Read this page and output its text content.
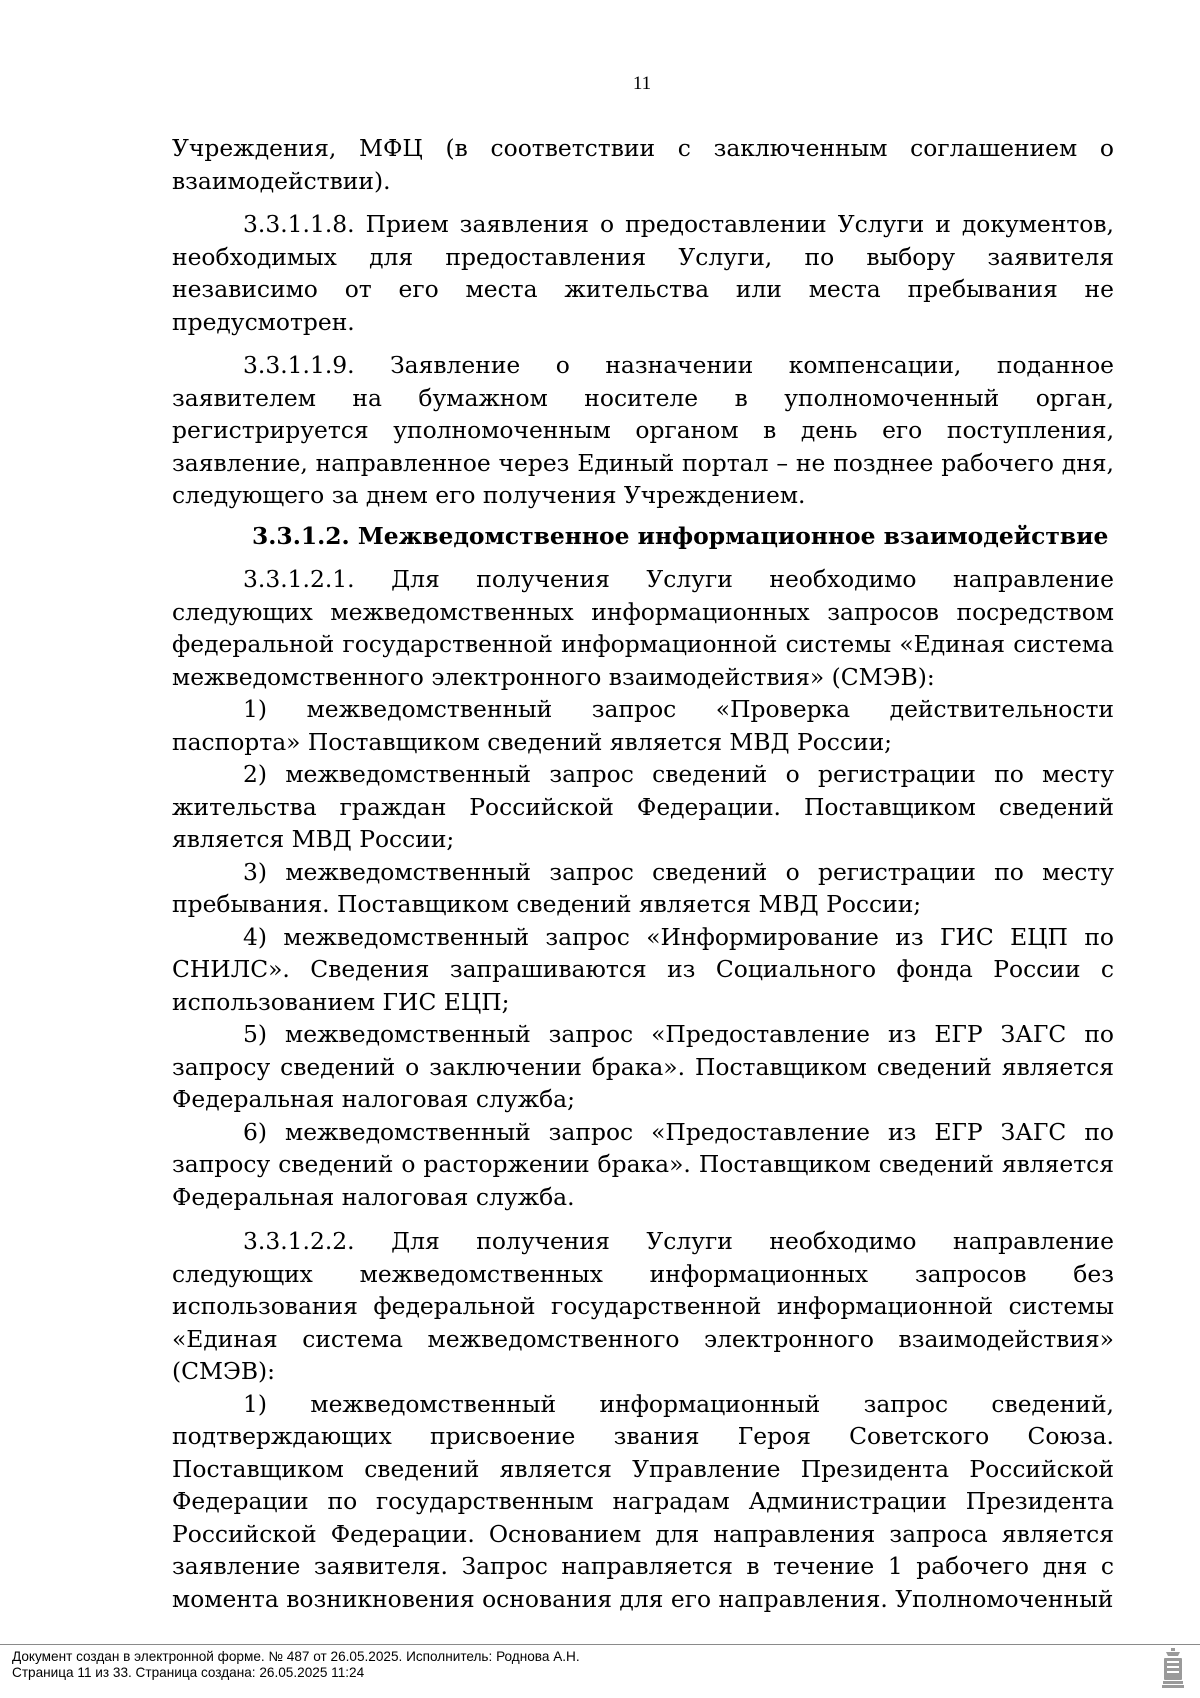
11

Учреждения, МФЦ (в соответствии с заключенным соглашением о взаимодействии).

3.3.1.1.8. Прием заявления о предоставлении Услуги и документов, необходимых для предоставления Услуги, по выбору заявителя независимо от его места жительства или места пребывания не предусмотрен.

3.3.1.1.9. Заявление о назначении компенсации, поданное заявителем на бумажном носителе в уполномоченный орган, регистрируется уполномоченным органом в день его поступления, заявление, направленное через Единый портал – не позднее рабочего дня, следующего за днем его получения Учреждением.

3.3.1.2. Межведомственное информационное взаимодействие

3.3.1.2.1. Для получения Услуги необходимо направление следующих межведомственных информационных запросов посредством федеральной государственной информационной системы «Единая система межведомственного электронного взаимодействия» (СМЭВ):

1) межведомственный запрос «Проверка действительности паспорта» Поставщиком сведений является МВД России;

2) межведомственный запрос сведений о регистрации по месту жительства граждан Российской Федерации. Поставщиком сведений является МВД России;

3) межведомственный запрос сведений о регистрации по месту пребывания. Поставщиком сведений является МВД России;

4) межведомственный запрос «Информирование из ГИС ЕЦП по СНИЛС». Сведения запрашиваются из Социального фонда России с использованием ГИС ЕЦП;

5) межведомственный запрос «Предоставление из ЕГР ЗАГС по запросу сведений о заключении брака». Поставщиком сведений является Федеральная налоговая служба;

6) межведомственный запрос «Предоставление из ЕГР ЗАГС по запросу сведений о расторжении брака». Поставщиком сведений является Федеральная налоговая служба.

3.3.1.2.2. Для получения Услуги необходимо направление следующих межведомственных информационных запросов без использования федеральной государственной информационной системы «Единая система межведомственного электронного взаимодействия» (СМЭВ):

1) межведомственный информационный запрос сведений, подтверждающих присвоение звания Героя Советского Союза. Поставщиком сведений является Управление Президента Российской Федерации по государственным наградам Администрации Президента Российской Федерации. Основанием для направления запроса является заявление заявителя. Запрос направляется в течение 1 рабочего дня с момента возникновения основания для его направления. Уполномоченный

Документ создан в электронной форме. № 487 от 26.05.2025. Исполнитель: Роднова А.Н.
Страница 11 из 33. Страница создана: 26.05.2025 11:24
